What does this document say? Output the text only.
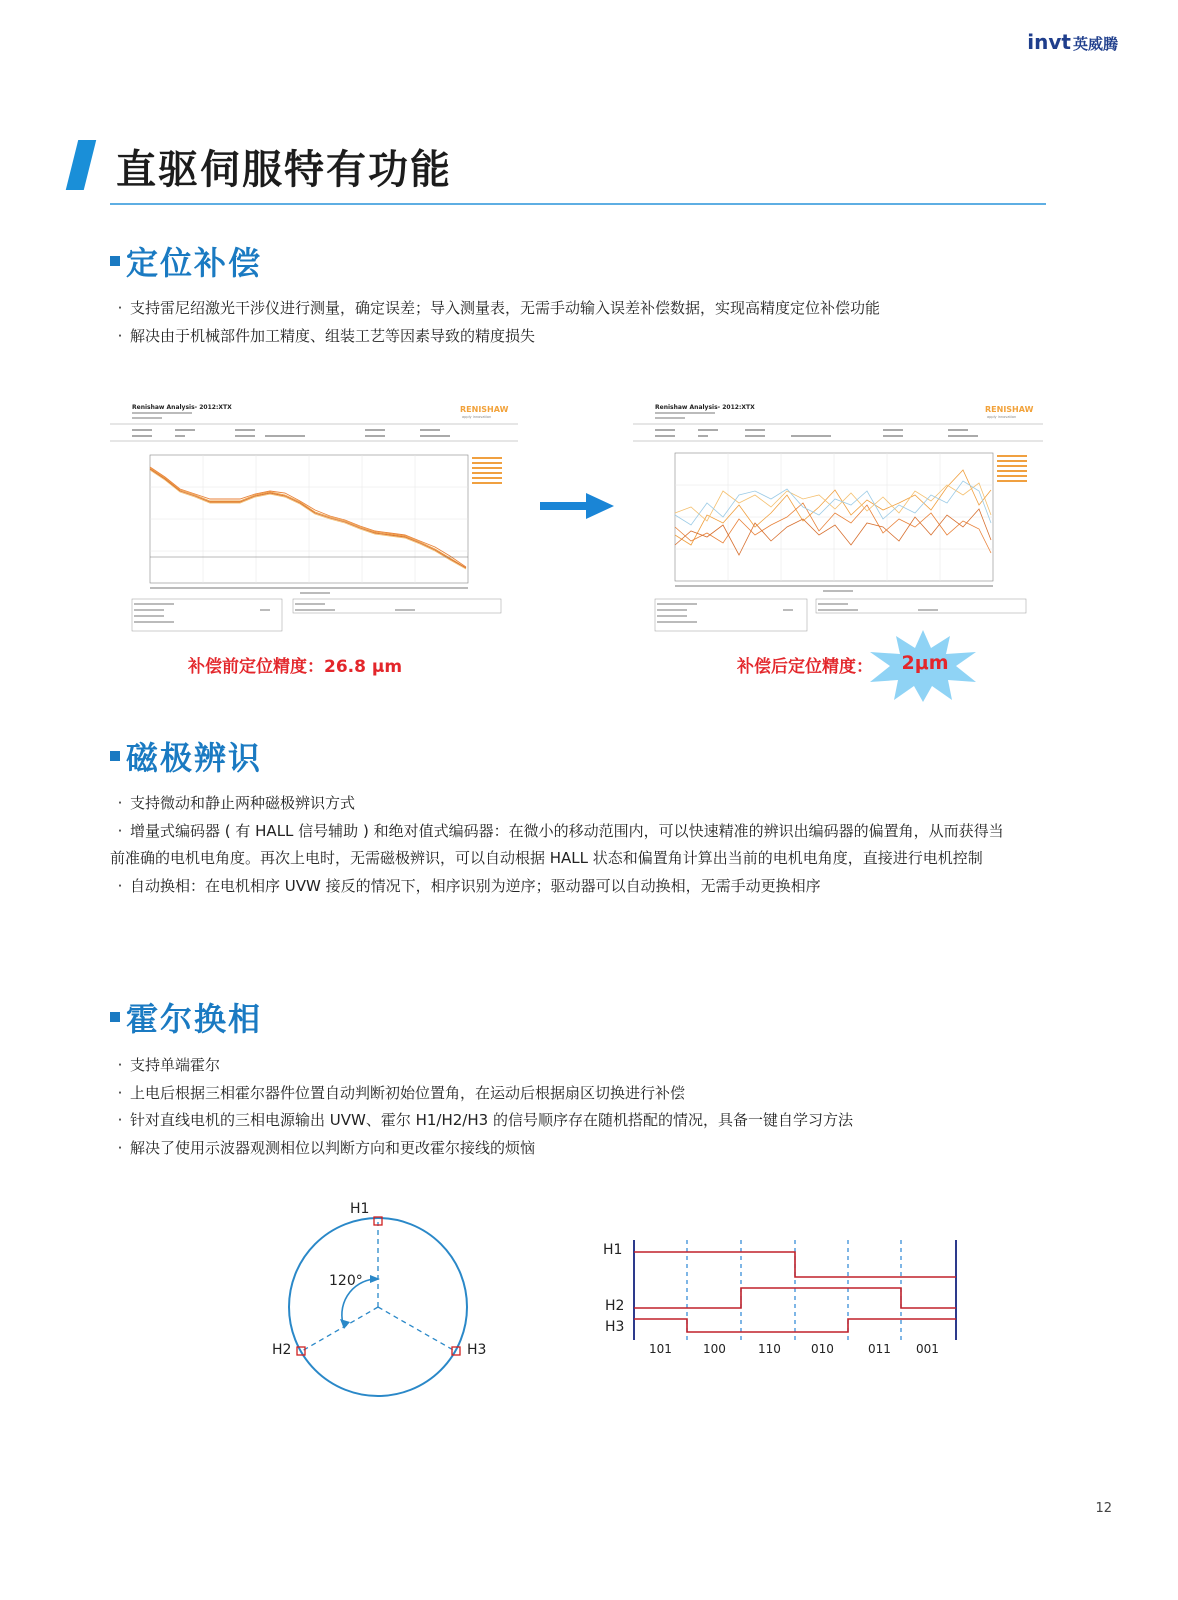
invt 英威腾
直驱伺服特有功能
定位补偿
· 支持雷尼绍激光干涉仪进行测量，确定误差；导入测量表，无需手动输入误差补偿数据，实现高精度定位补偿功能
· 解决由于机械部件加工精度、组装工艺等因素导致的精度损失
Renishaw Analysis- 2012:XTX	RENISHAW
apply innovation
Renishaw Analysis- 2012:XTX	RENISHAW
apply innovation
补偿前定位精度：26.8 μm	补偿后定位精度：	2μm
磁极辨识
· 支持微动和静止两种磁极辨识方式
· 增量式编码器 ( 有 HALL 信号辅助 ) 和绝对值式编码器：在微小的移动范围内，可以快速精准的辨识出编码器的偏置角，从而获得当
前准确的电机电角度。再次上电时，无需磁极辨识，可以自动根据 HALL 状态和偏置角计算出当前的电机电角度，直接进行电机控制
· 自动换相：在电机相序 UVW 接反的情况下，相序识别为逆序；驱动器可以自动换相，无需手动更换相序
霍尔换相
· 支持单端霍尔
· 上电后根据三相霍尔器件位置自动判断初始位置角，在运动后根据扇区切换进行补偿
· 针对直线电机的三相电源输出 UVW、霍尔 H1/H2/H3 的信号顺序存在随机搭配的情况，具备一键自学习方法
· 解决了使用示波器观测相位以判断方向和更改霍尔接线的烦恼
H1
H2	H3
120°
H1
H2
H3
101	100	110	010	011 001
12
